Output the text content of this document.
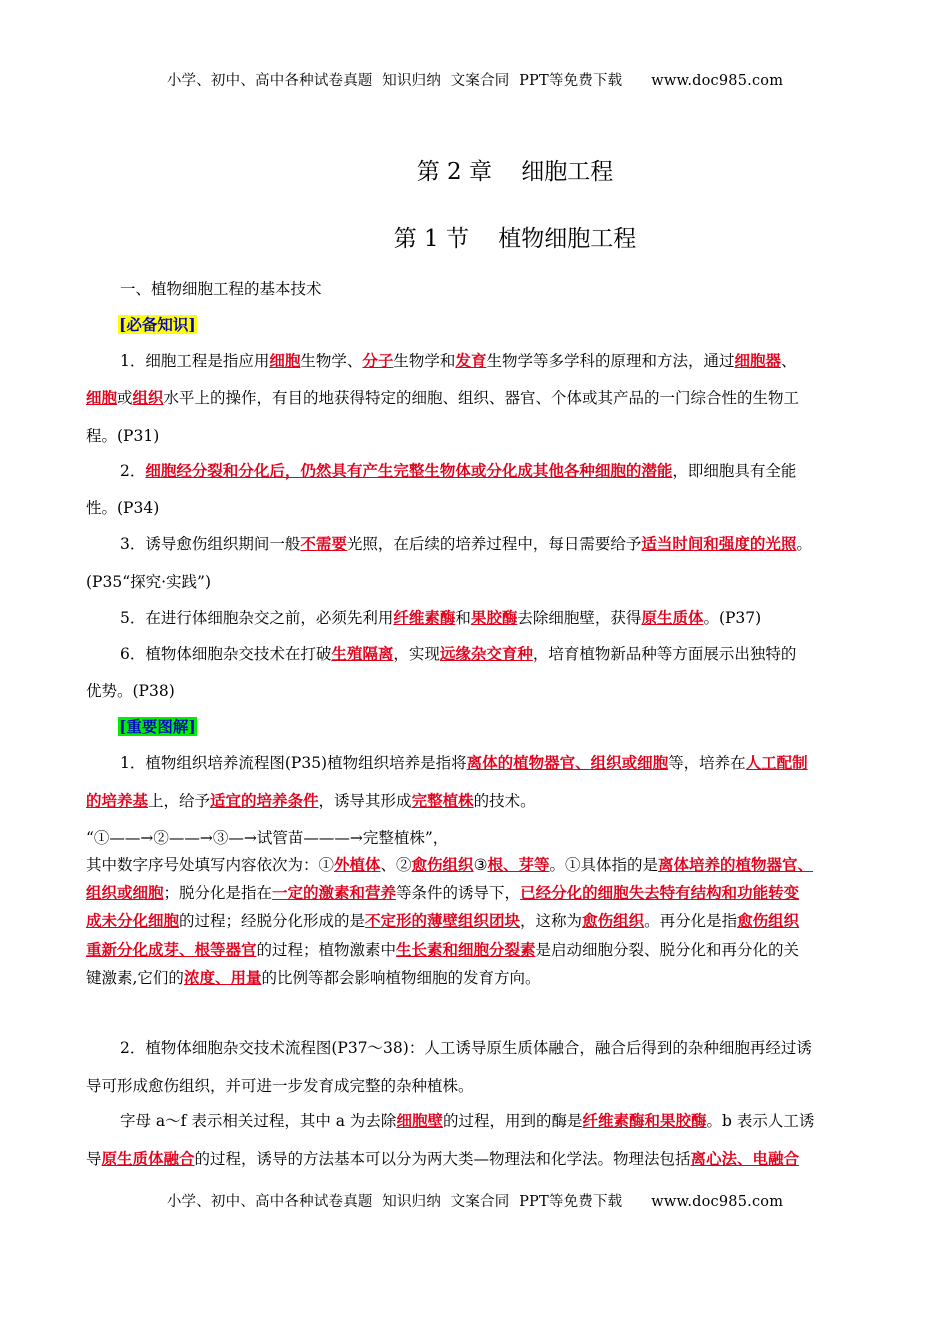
小学、初中、高中各种试卷真题  知识归纳  文案合同  PPT等免费下载      www.doc985.com
第 2 章    细胞工程
第 1 节    植物细胞工程
一、植物细胞工程的基本技术
[必备知识]
1．细胞工程是指应用细胞生物学、分子生物学和发育生物学等多学科的原理和方法，通过细胞器、
细胞或组织水平上的操作，有目的地获得特定的细胞、组织、器官、个体或其产品的一门综合性的生物工
程。(P31)
2．细胞经分裂和分化后，仍然具有产生完整生物体或分化成其他各种细胞的潜能，即细胞具有全能
性。(P34)
3．诱导愈伤组织期间一般不需要光照，在后续的培养过程中，每日需要给予适当时间和强度的光照。
(P35“探究·实践”)
5．在进行体细胞杂交之前，必须先利用纤维素酶和果胶酶去除细胞壁，获得原生质体。(P37)
6．植物体细胞杂交技术在打破生殖隔离，实现远缘杂交育种，培育植物新品种等方面展示出独特的
优势。(P38)
1．植物组织培养流程图(P35)植物组织培养是指将离体的植物器官、组织或细胞等，培养在人工配制
的培养基上，给予适宜的培养条件，诱导其形成完整植株的技术。
“①——→②——→③—→试管苗———→完整植株”，
其中数字序号处填写内容依次为：①外植体、②愈伤组织③根、芽等。①具体指的是离体培养的植物器官、
组织或细胞；脱分化是指在一定的激素和营养等条件的诱导下，已经分化的细胞失去特有结构和功能转变
成未分化细胞的过程；经脱分化形成的是不定形的薄壁组织团块，这称为愈伤组织。再分化是指愈伤组织
重新分化成芽、根等器官的过程；植物激素中生长素和细胞分裂素是启动细胞分裂、脱分化和再分化的关
键激素,它们的浓度、用量的比例等都会影响植物细胞的发育方向。
2．植物体细胞杂交技术流程图(P37～38)：人工诱导原生质体融合，融合后得到的杂种细胞再经过诱
导可形成愈伤组织，并可进一步发育成完整的杂种植株。
字母 a～f 表示相关过程，其中 a 为去除细胞壁的过程，用到的酶是纤维素酶和果胶酶。b 表示人工诱
导原生质体融合的过程，诱导的方法基本可以分为两大类—物理法和化学法。物理法包括离心法、电融合
[重要图解]
小学、初中、高中各种试卷真题  知识归纳  文案合同  PPT等免费下载      www.doc985.com
